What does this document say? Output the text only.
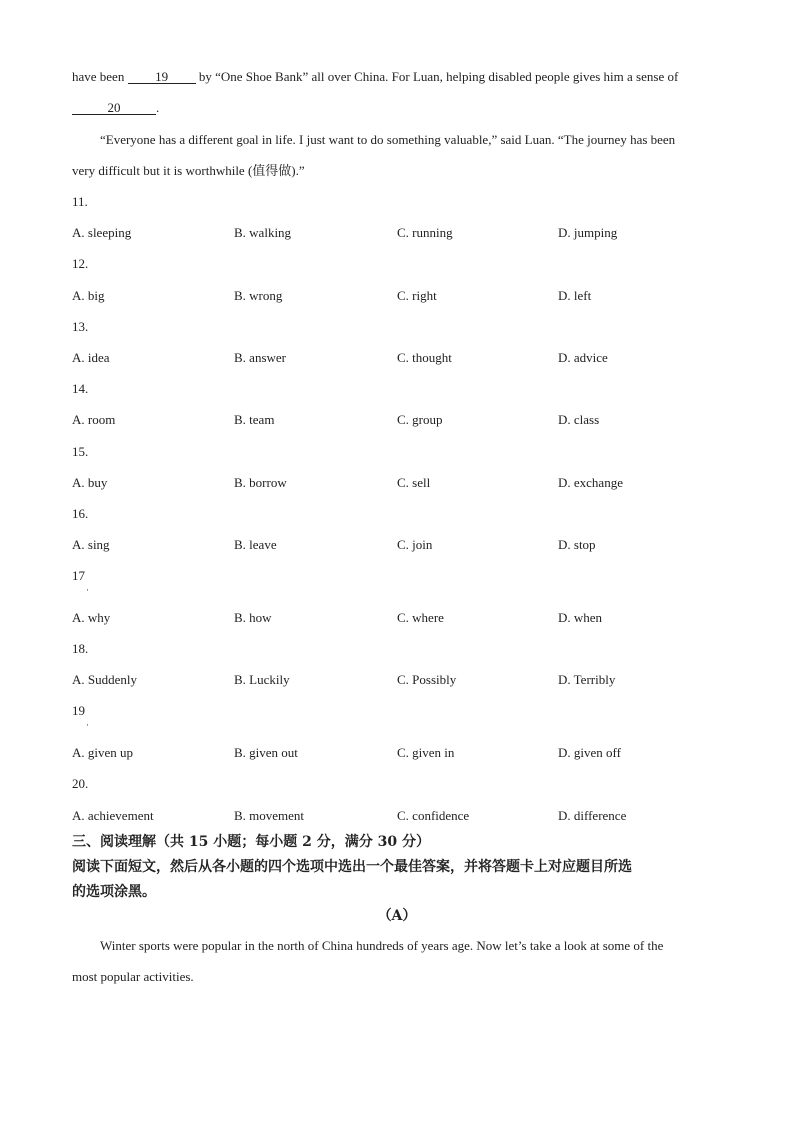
have been 19 by “One Shoe Bank” all over China. For Luan, helping disabled people gives him a sense of
20	.
“Everyone has a different goal in life. I just want to do something valuable,” said Luan. “The journey has been
very difficult but it is worthwhile (值得做).”
11.
A. sleeping	B. walking	C. running	D. jumping
12.
A. big	B. wrong	C. right	D. left
13.
A. idea	B. answer	C. thought	D. advice
14.
A. room	B. team	C. group	D. class
15.
A. buy	B. borrow	C. sell	D. exchange
16.
A. sing	B. leave	C. join	D. stop
17
·
A. why	B. how	C. where	D. when
18.
A. Suddenly	B. Luckily	C. Possibly	D. Terribly
19
·
A. given up	B. given out	C. given in	D. given off
20.
A. achievement	B. movement	C. confidence	D. difference
三、阅读理解（共 15 小题；每小题 2 分，满分 30 分）
阅读下面短文，然后从各小题的四个选项中选出一个最佳答案，并将答题卡上对应题目所选
的选项涂黑。
（A）
Winter sports were popular in the north of China hundreds of years age. Now let’s take a look at some of the
most popular activities.
